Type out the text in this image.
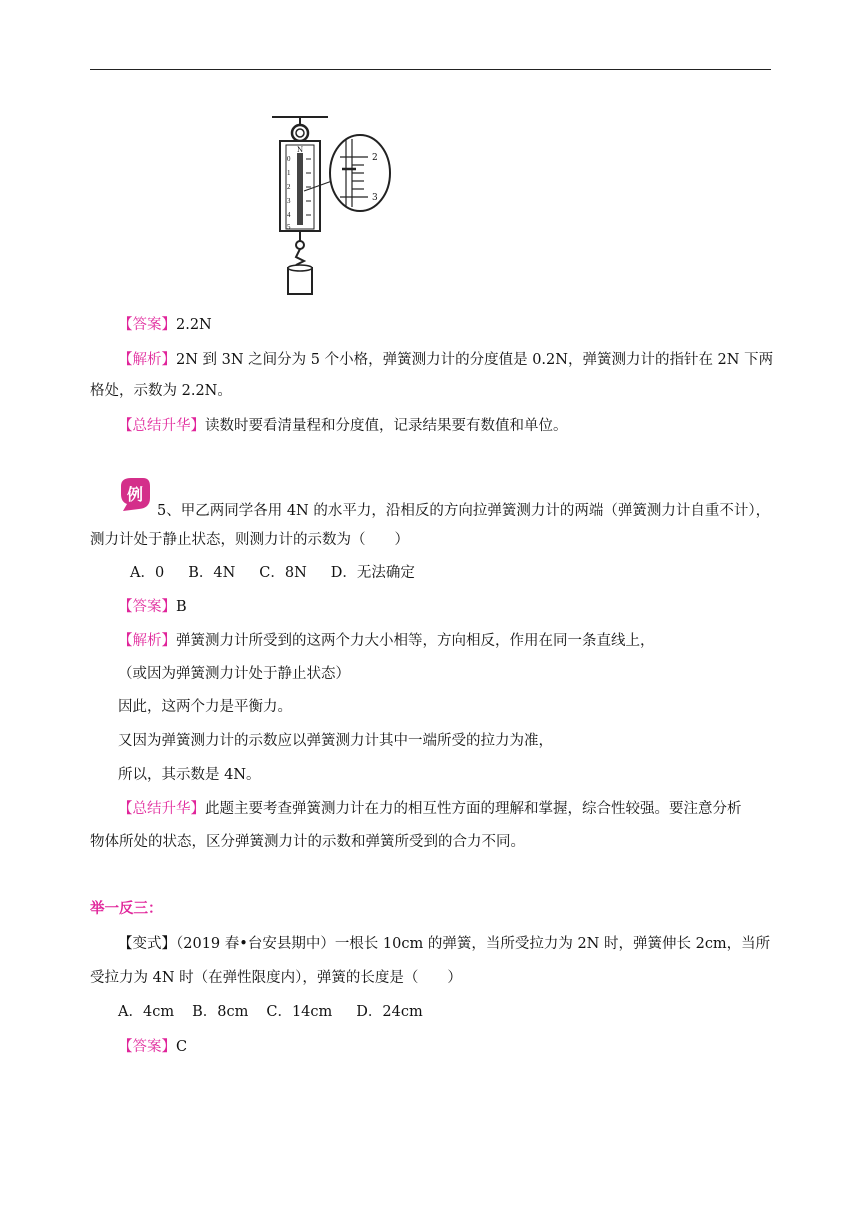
N
0
1
2
3
4
5
2
3
【答案】2.2N
【解析】2N 到 3N 之间分为 5 个小格，弹簧测力计的分度值是 0.2N，弹簧测力计的指针在 2N 下两
格处，示数为 2.2N。
【总结升华】读数时要看清量程和分度值，记录结果要有数值和单位。
例
5、甲乙两同学各用 4N 的水平力，沿相反的方向拉弹簧测力计的两端（弹簧测力计自重不计），
测力计处于静止状态，则测力计的示数为（　　）
A．0 B．4N C．8N D．无法确定
【答案】B
【解析】弹簧测力计所受到的这两个力大小相等，方向相反，作用在同一条直线上，
（或因为弹簧测力计处于静止状态）
因此，这两个力是平衡力。
又因为弹簧测力计的示数应以弹簧测力计其中一端所受的拉力为准，
所以，其示数是 4N。
【总结升华】此题主要考查弹簧测力计在力的相互性方面的理解和掌握，综合性较强。要注意分析
物体所处的状态，区分弹簧测力计的示数和弹簧所受到的合力不同。
举一反三：
【变式】（2019 春•台安县期中）一根长 10cm 的弹簧，当所受拉力为 2N 时，弹簧伸长 2cm，当所
受拉力为 4N 时（在弹性限度内），弹簧的长度是（　　）
A．4cm B．8cm C．14cm D．24cm
【答案】C
